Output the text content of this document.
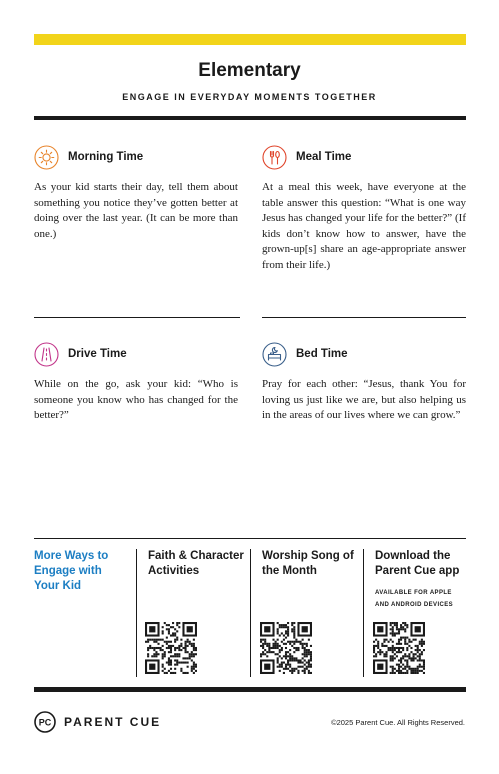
Elementary
ENGAGE IN EVERYDAY MOMENTS TOGETHER
Morning Time

As your kid starts their day, tell them about something you notice they’ve gotten better at doing over the last year. (It can be more than one.)

Meal Time

At a meal this week, have everyone at the table answer this question: “What is one way Jesus has changed your life for the better?” (If kids don’t know how to answer, have the grown-up[s] share an age-appropriate answer from their life.)

Drive Time

While on the go, ask your kid: “Who is someone you know who has changed for the better?”

Bed Time

Pray for each other: “Jesus, thank You for loving us just like we are, but also helping us in the areas of our lives where we can grow.”

More Ways to Engage with Your Kid
Faith & Character Activities
Worship Song of the Month
Download the Parent Cue app
AVAILABLE FOR APPLE AND ANDROID DEVICES
PC PARENT CUE	©2025 Parent Cue. All Rights Reserved.
